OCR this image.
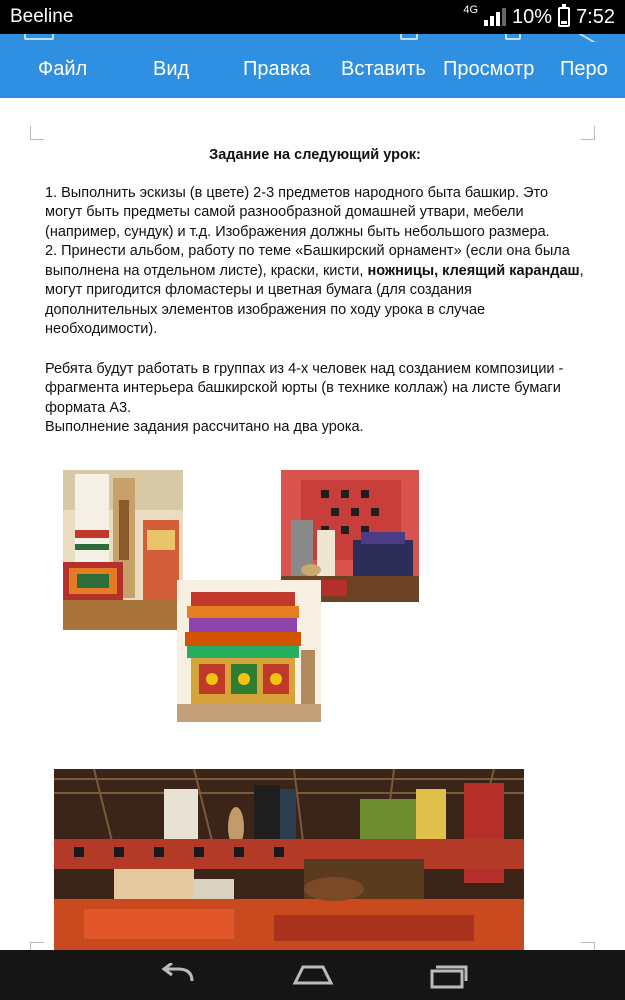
Beeline	4G 10% 7:52
Файл	Вид	Правка Вставить Просмотр Перо
Задание на следующий урок:

1. Выполнить эскизы (в цвете) 2-3 предметов народного быта башкир. Это могут быть предметы самой разнообразной домашней утвари, мебели (например, сундук) и т.д. Изображения должны быть небольшого размера.

2. Принести альбом, работу по теме «Башкирский орнамент» (если она была выполнена на отдельном листе), краски, кисти, ножницы, клеящий карандаш, могут пригодится фломастеры и цветная бумага (для создания дополнительных элементов изображения по ходу урока в случае необходимости).

Ребята будут работать в группах из 4-х человек над созданием композиции - фрагмента интерьера башкирской юрты (в технике коллаж) на листе бумаги формата А3.

Выполнение задания рассчитано на два урока.
